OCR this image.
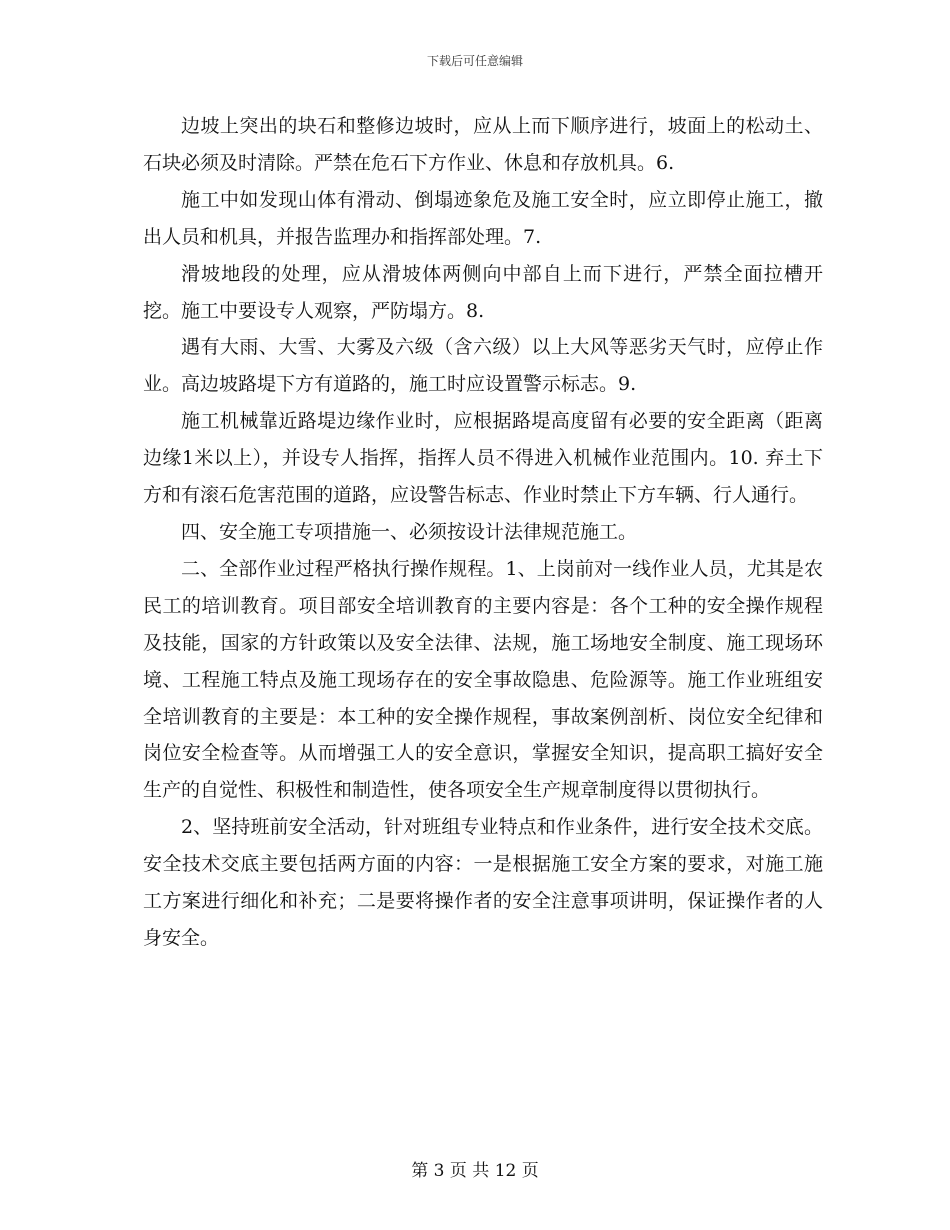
下载后可任意编辑

边坡上突出的块石和整修边坡时，应从上而下顺序进行，坡面上的松动土、石块必须及时清除。严禁在危石下方作业、休息和存放机具。6.

施工中如发现山体有滑动、倒塌迹象危及施工安全时，应立即停止施工，撤出人员和机具，并报告监理办和指挥部处理。7.

滑坡地段的处理，应从滑坡体两侧向中部自上而下进行，严禁全面拉槽开挖。施工中要设专人观察，严防塌方。8.

遇有大雨、大雪、大雾及六级（含六级）以上大风等恶劣天气时，应停止作业。高边坡路堤下方有道路的，施工时应设置警示标志。9.

施工机械靠近路堤边缘作业时，应根据路堤高度留有必要的安全距离（距离边缘1米以上），并设专人指挥，指挥人员不得进入机械作业范围内。10. 弃土下方和有滚石危害范围的道路，应设警告标志、作业时禁止下方车辆、行人通行。

四、安全施工专项措施一、必须按设计法律规范施工。

二、全部作业过程严格执行操作规程。1、上岗前对一线作业人员，尤其是农民工的培训教育。项目部安全培训教育的主要内容是：各个工种的安全操作规程及技能，国家的方针政策以及安全法律、法规，施工场地安全制度、施工现场环境、工程施工特点及施工现场存在的安全事故隐患、危险源等。施工作业班组安全培训教育的主要是：本工种的安全操作规程，事故案例剖析、岗位安全纪律和岗位安全检查等。从而增强工人的安全意识，掌握安全知识，提高职工搞好安全生产的自觉性、积极性和制造性，使各项安全生产规章制度得以贯彻执行。

2、坚持班前安全活动，针对班组专业特点和作业条件，进行安全技术交底。安全技术交底主要包括两方面的内容：一是根据施工安全方案的要求，对施工施工方案进行细化和补充；二是要将操作者的安全注意事项讲明，保证操作者的人身安全。

第 3 页 共 12 页
